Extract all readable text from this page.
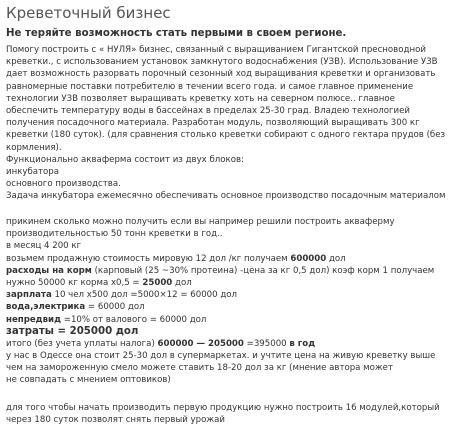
Креветочный бизнес
Не теряйте возможность стать первыми в своем регионе.
Помогу построить с « НУЛЯ» бизнес, связанный с выращиванием Гигантской пресноводной
креветки., с использованием установок замкнутого водоснабжения (УЗВ). Использование УЗВ
дает возможность разорвать порочный сезонный ход выращивания креветки и организовать
равномерные поставки потребителю в течении всего года. и самое главное применение
технологии УЗВ позволяет выращивать креветку хоть на северном полюсе.. главное
обеспечить температуру воды в бассейнах в пределах 25-30 град. Владею технологией
получения посадочного материала. Разработан модуль, позволяющий выращивать 300 кг
креветки (180 суток). (для сравнения столько креветки собирают с одного гектара прудов (без
кормления).
Функционально аквaферма состоит из двух блоков:
инкубатора
основного производства.
Задача инкубатора ежемесячно обеспечивать основное производство посадочным материалом
прикинем сколько можно получить если вы например решили построить аквaферму
производительностью 50 тонн креветки в год..
в месяц 4 200 кг
возьмем продажную стоимость мировую 12 дол /кг получаем 600000 дол
расходы на корм (карповый (25 ~30% протеина) -цена за кг 0,5 дол) коэф корм 1 получаем
нужно 50000 кг корма х0,5 = 25000 дол
зарплата 10 чел х500 дол =5000×12 = 60000 дол
вода,электрика = 60000 дол
непредвид =10% от валового = 60000 дол
затраты = 205000 дол
итого (без учета уплаты налога) 600000 — 205000 =395000 в год
у нас в Одессе она стоит 25-30 дол в супермаркетах. и учтите цена на живую креветку выше
чем на замороженную смело можете ставить 18-20 дол за кг (мнение автора может
не совпадать с мнением оптовиков)
для того чтобы начать производить первую продукцию нужно построить 16 модулей,который
через 180 суток позволят снять первый урожай
